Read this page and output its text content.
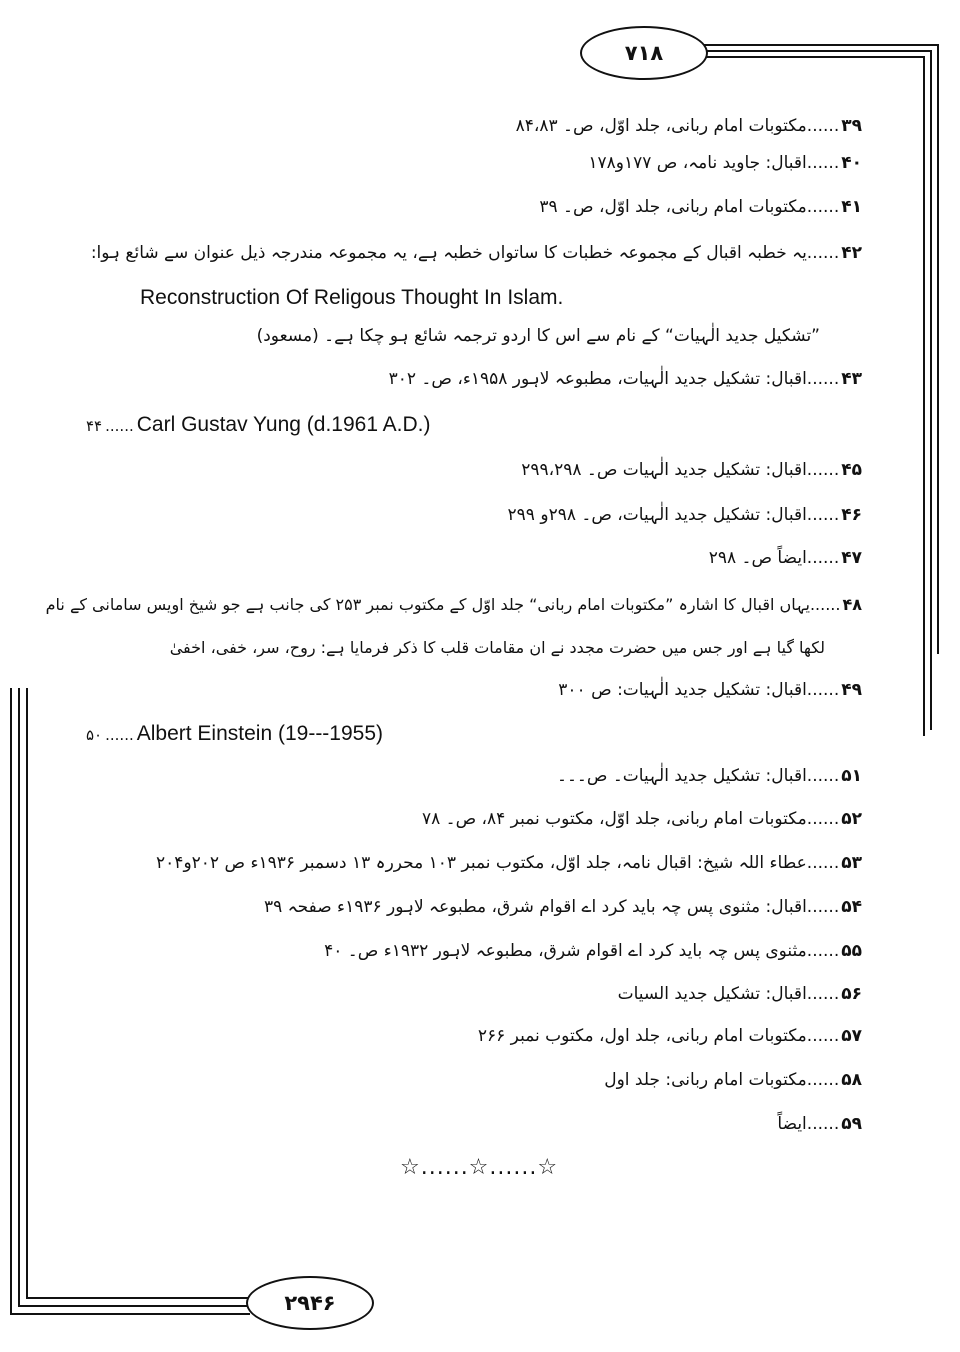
۷۱۸
۲۹۴۶
۳۹......مکتوبات امام ربانی، جلد اوّل، ص۔ ۸۴،۸۳
۴۰......اقبال: جاوید نامہ، ص ۱۷۷و۱۷۸
۴۱......مکتوبات امام ربانی، جلد اوّل، ص۔ ۳۹
۴۲......یہ خطبہ اقبال کے مجموعہ خطبات کا ساتواں خطبہ ہے، یہ مجموعہ مندرجہ ذیل عنوان سے شائع ہوا:
Reconstruction Of Religous Thought In Islam.
”تشکیل جدید الٰہیات“ کے نام سے اس کا اردو ترجمہ شائع ہو چکا ہے۔ (مسعود)
۴۳......اقبال: تشکیل جدید الٰہیات، مطبوعہ لاہور ۱۹۵۸ء، ص۔ ۳۰۲
۴۴ ...... Carl Gustav Yung (d.1961 A.D.)
۴۵......اقبال: تشکیل جدید الٰہیات ص۔ ۲۹۹،۲۹۸
۴۶......اقبال: تشکیل جدید الٰہیات، ص۔ ۲۹۸و ۲۹۹
۴۷......ایضاً ص۔ ۲۹۸
۴۸......یہاں اقبال کا اشارہ ”مکتوبات امام ربانی“ جلد اوّل کے مکتوب نمبر ۲۵۳ کی جانب ہے جو شیخ اویس سامانی کے نام
لکھا گیا ہے اور جس میں حضرت مجدد نے ان مقامات قلب کا ذکر فرمایا ہے: روح، سر، خفی، اخفیٰ
۴۹......اقبال: تشکیل جدید الٰہیات: ص ۳۰۰
۵۰ ...... Albert Einstein (19---1955)
۵۱......اقبال: تشکیل جدید الٰہیات۔ ص۔۔۔
۵۲......مکتوبات امام ربانی، جلد اوّل، مکتوب نمبر ۸۴، ص۔ ۷۸
۵۳......عطاء اللہ شیخ: اقبال نامہ، جلد اوّل، مکتوب نمبر ۱۰۳ محررہ ۱۳ دسمبر ۱۹۳۶ء ص ۲۰۲و۲۰۴
۵۴......اقبال: مثنوی پس چہ باید کرد اے اقوام شرق، مطبوعہ لاہور ۱۹۳۶ء صفحہ ۳۹
۵۵......مثنوی پس چہ باید کرد اے اقوام شرق، مطبوعہ لاہور ۱۹۳۲ء ص۔ ۴۰
۵۶......اقبال: تشکیل جدید السیات
۵۷......مکتوبات امام ربانی، جلد اول، مکتوب نمبر ۲۶۶
۵۸......مکتوبات امام ربانی: جلد اول
۵۹......ایضاً
☆......☆......☆
